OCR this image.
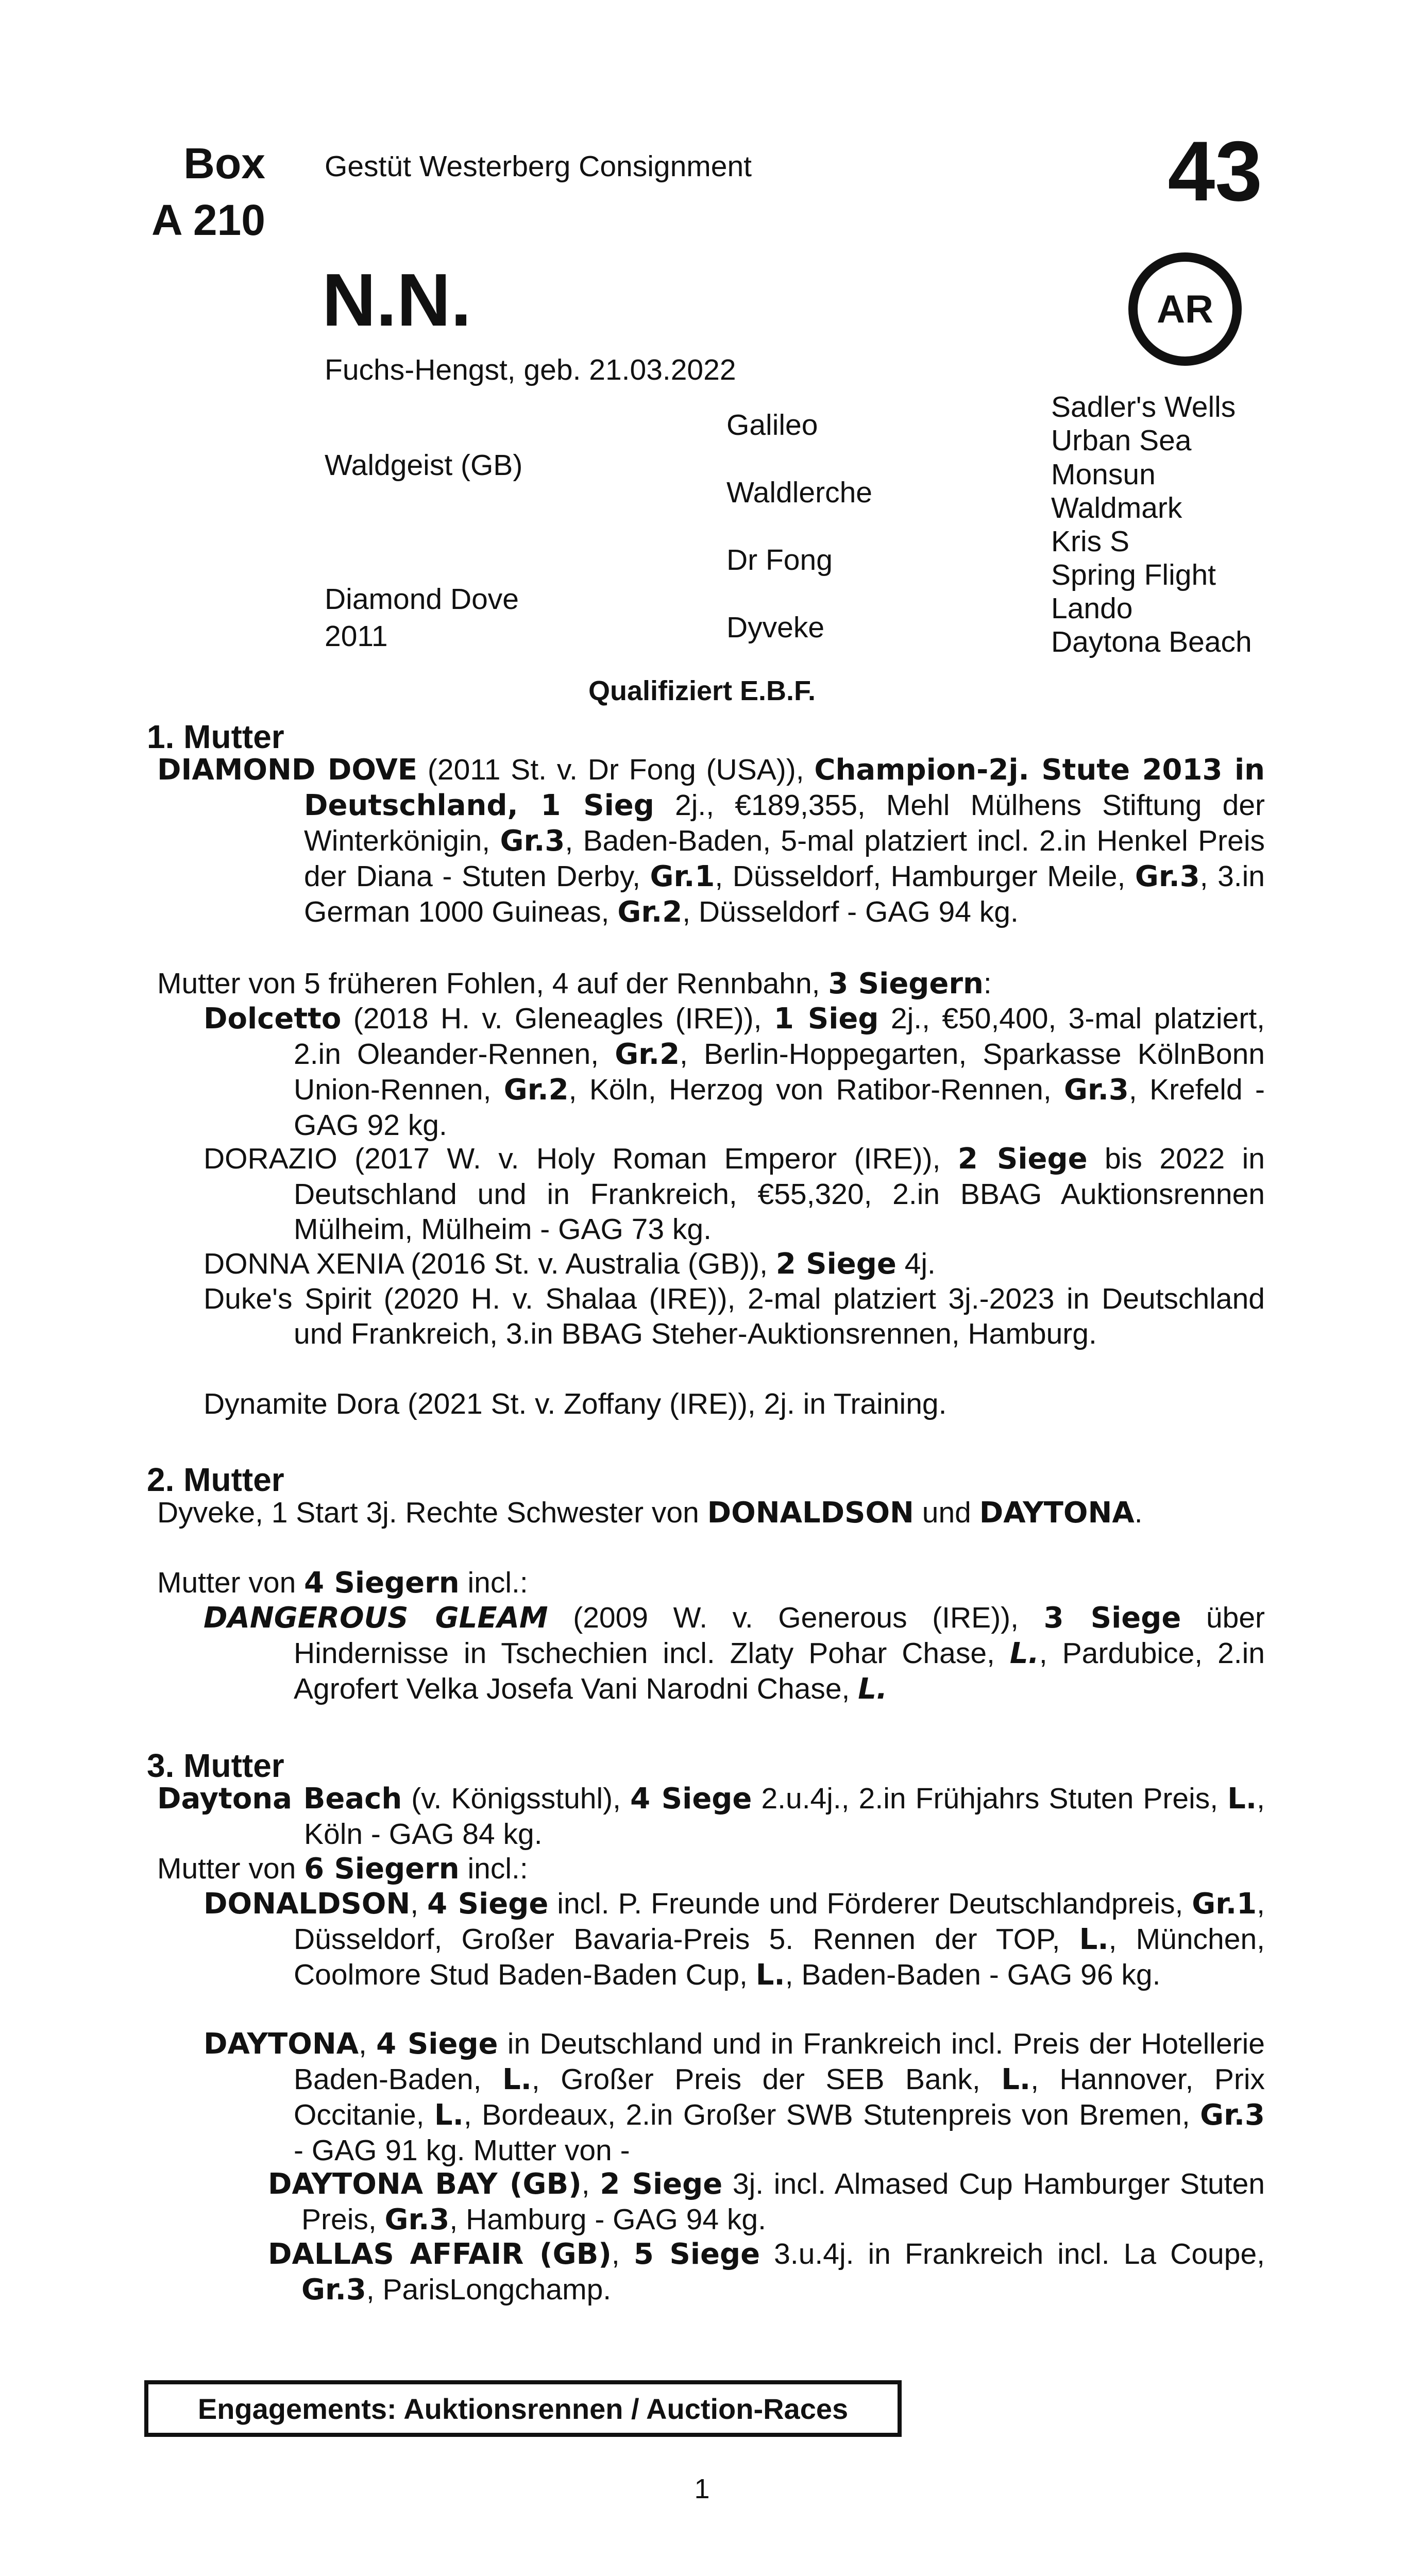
Box
A 210
Gestüt Westerberg Consignment	43
AR
N.N.
Fuchs-Hengst, geb. 21.03.2022
Waldgeist (GB)
Diamond Dove
2011
Galileo
Waldlerche
Dr Fong
Dyveke
Sadler's Wells
Urban Sea
Monsun
Waldmark
Kris S
Spring Flight
Lando
Daytona Beach
Qualifiziert E.B.F.
1. Mutter

DIAMOND DOVE (2011 St. v. Dr Fong (USA)), Champion-2j. Stute 2013 in Deutschland, 1 Sieg 2j., €189,355, Mehl Mülhens Stiftung der Winterkönigin, Gr.3, Baden-Baden, 5-mal platziert incl. 2.in Henkel Preis der Diana - Stuten Derby, Gr.1, Düsseldorf, Hamburger Meile, Gr.3, 3.in German 1000 Guineas, Gr.2, Düsseldorf - GAG 94 kg.

Mutter von 5 früheren Fohlen, 4 auf der Rennbahn, 3 Siegern:

Dolcetto (2018 H. v. Gleneagles (IRE)), 1 Sieg 2j., €50,400, 3-mal platziert, 2.in Oleander-Rennen, Gr.2, Berlin-Hoppegarten, Sparkasse KölnBonn Union-Rennen, Gr.2, Köln, Herzog von Ratibor-Rennen, Gr.3, Krefeld - GAG 92 kg.

DORAZIO (2017 W. v. Holy Roman Emperor (IRE)), 2 Siege bis 2022 in Deutschland und in Frankreich, €55,320, 2.in BBAG Auktionsrennen Mülheim, Mülheim - GAG 73 kg.

DONNA XENIA (2016 St. v. Australia (GB)), 2 Siege 4j.

Duke's Spirit (2020 H. v. Shalaa (IRE)), 2-mal platziert 3j.-2023 in Deutschland und Frankreich, 3.in BBAG Steher-Auktionsrennen, Hamburg.

Dynamite Dora (2021 St. v. Zoffany (IRE)), 2j. in Training.

2. Mutter

Dyveke, 1 Start 3j. Rechte Schwester von DONALDSON und DAYTONA.

Mutter von 4 Siegern incl.:

DANGEROUS GLEAM (2009 W. v. Generous (IRE)), 3 Siege über Hindernisse in Tschechien incl. Zlaty Pohar Chase, L., Pardubice, 2.in Agrofert Velka Josefa Vani Narodni Chase, L.

3. Mutter

Daytona Beach (v. Königsstuhl), 4 Siege 2.u.4j., 2.in Frühjahrs Stuten Preis, L., Köln - GAG 84 kg.

Mutter von 6 Siegern incl.:

DONALDSON, 4 Siege incl. P. Freunde und Förderer Deutschlandpreis, Gr.1, Düsseldorf, Großer Bavaria-Preis 5. Rennen der TOP, L., München, Coolmore Stud Baden-Baden Cup, L., Baden-Baden - GAG 96 kg.

DAYTONA, 4 Siege in Deutschland und in Frankreich incl. Preis der Hotellerie Baden-Baden, L., Großer Preis der SEB Bank, L., Hannover, Prix Occitanie, L., Bordeaux, 2.in Großer SWB Stutenpreis von Bremen, Gr.3 - GAG 91 kg. Mutter von -

DAYTONA BAY (GB), 2 Siege 3j. incl. Almased Cup Hamburger Stuten Preis, Gr.3, Hamburg - GAG 94 kg.

DALLAS AFFAIR (GB), 5 Siege 3.u.4j. in Frankreich incl. La Coupe, Gr.3, ParisLongchamp.

Engagements: Auktionsrennen / Auction-Races
1
